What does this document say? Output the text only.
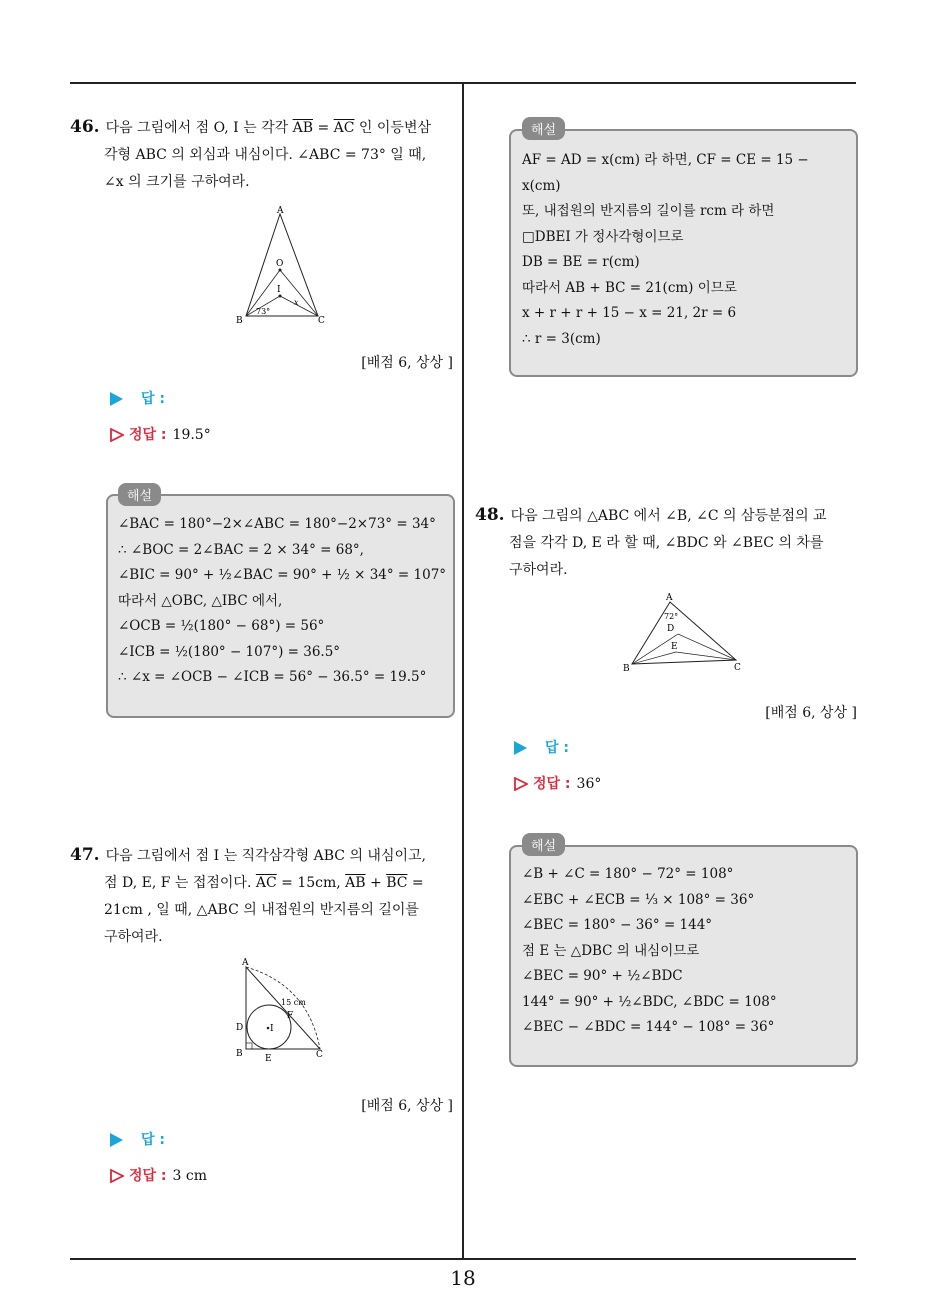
18
46. 다음 그림에서 점 O, I 는 각각 $\overline{AB} = \overline{AC}$ 인 이등변삼
각형 ABC 의 외심과 내심이다. ∠ABC = 73° 일 때,
∠x 의 크기를 구하여라.
A
O
I
B	C
73°
x
[배점 6, 상상 ]
답 :
정답 : 19.5°
해설
∠BAC = 180°−2×∠ABC = 180°−2×73° = 34°
∴ ∠BOC = 2∠BAC = 2 × 34° = 68°,
∠BIC = 90° + ½∠BAC = 90° + ½ × 34° = 107°
따라서 △OBC, △IBC 에서,
∠OCB = ½(180° − 68°) = 56°
∠ICB = ½(180° − 107°) = 36.5°
∴ ∠x = ∠OCB − ∠ICB = 56° − 36.5° = 19.5°
47. 다음 그림에서 점 I 는 직각삼각형 ABC 의 내심이고,
점 D, E, F 는 접점이다. $\overline{AC} = 15cm$, $\overline{AB} + \overline{BC}$ =
21cm , 일 때, △ABC 의 내접원의 반지름의 길이를
구하여라.
A
B	C
D
E
F
I
15 cm
[배점 6, 상상 ]
답 :
정답 : 3 cm
해설
AF = AD = x(cm) 라 하면, CF = CE = 15 −
x(cm)
또, 내접원의 반지름의 길이를 rcm 라 하면
□DBEI 가 정사각형이므로
DB = BE = r(cm)
따라서 AB + BC = 21(cm) 이므로
x + r + r + 15 − x = 21, 2r = 6
∴ r = 3(cm)
48. 다음 그림의 △ABC 에서 ∠B, ∠C 의 삼등분점의 교
점을 각각 D, E 라 할 때, ∠BDC 와 ∠BEC 의 차를
구하여라.
A
72°
D
E
B	C
[배점 6, 상상 ]
답 :
정답 : 36°
해설
∠B + ∠C = 180° − 72° = 108°
∠EBC + ∠ECB = ⅓ × 108° = 36°
∠BEC = 180° − 36° = 144°
점 E 는 △DBC 의 내심이므로
∠BEC = 90° + ½∠BDC
144° = 90° + ½∠BDC, ∠BDC = 108°
∠BEC − ∠BDC = 144° − 108° = 36°
